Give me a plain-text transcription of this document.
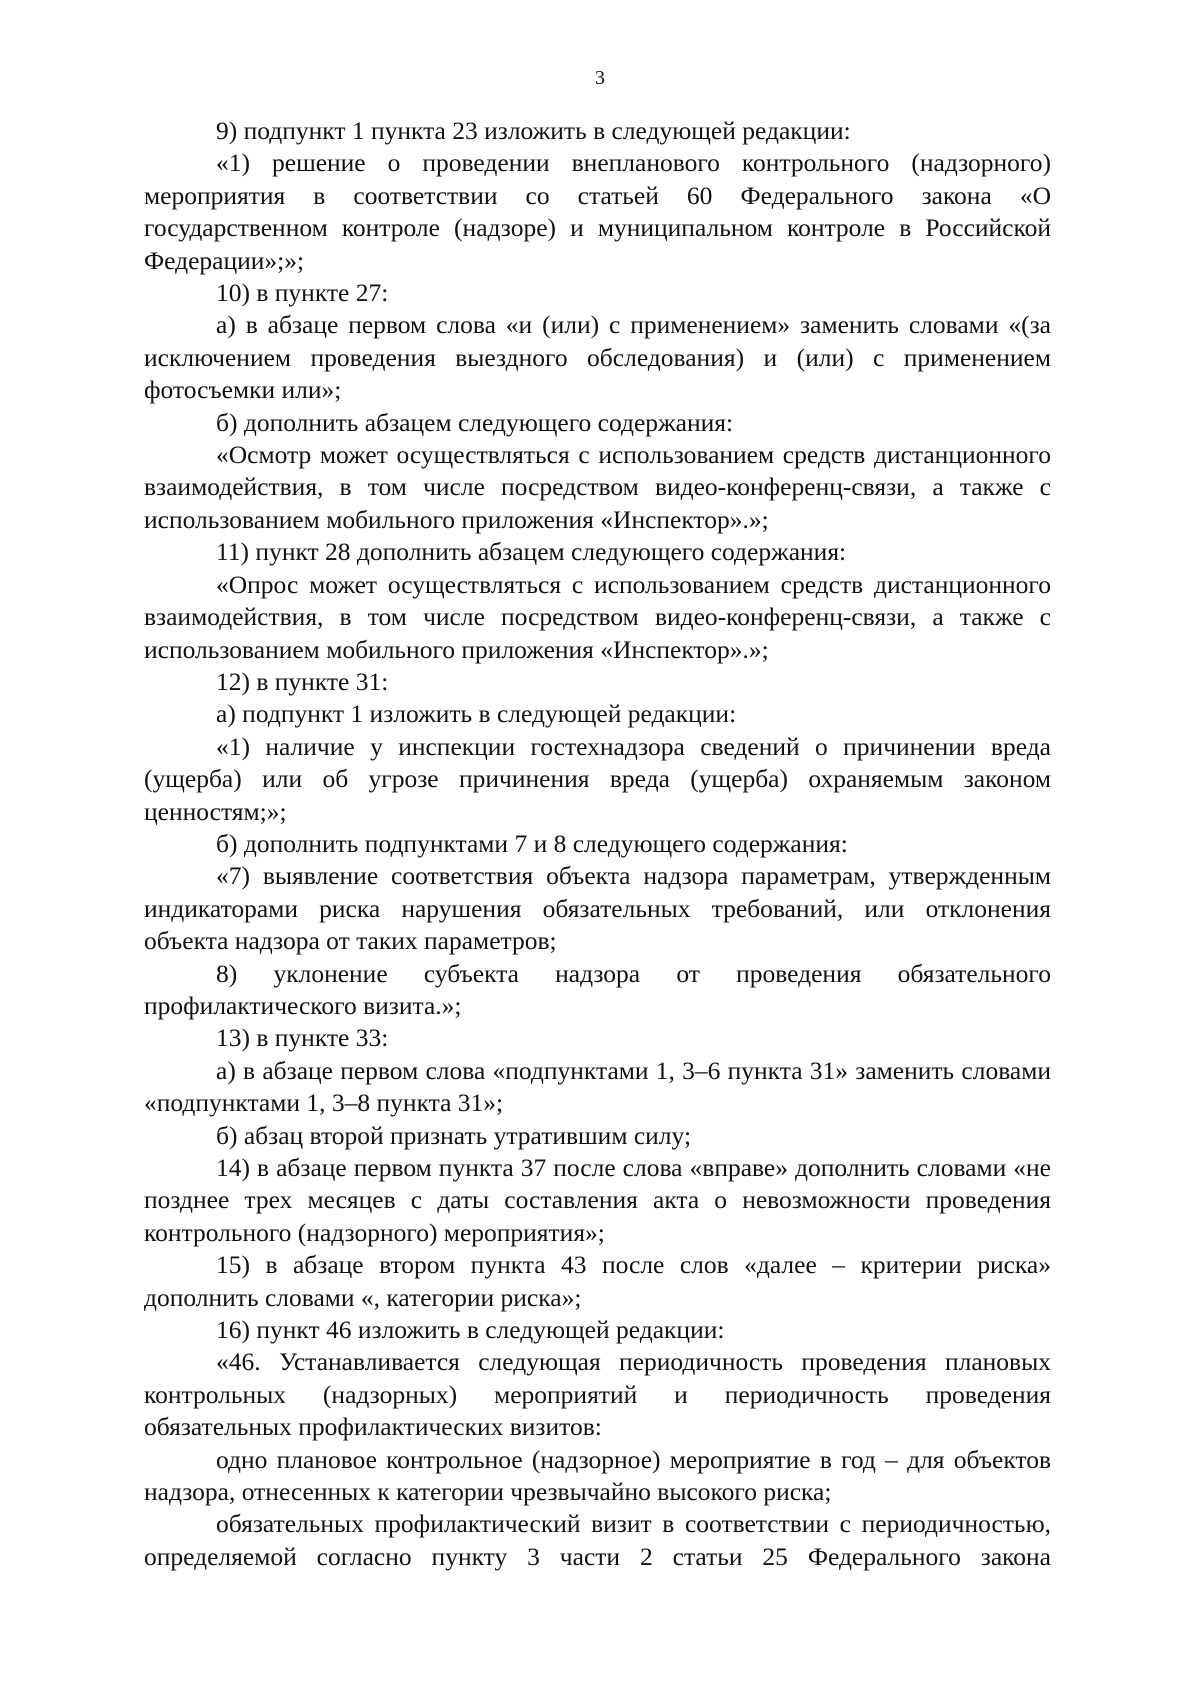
3

9) подпункт 1 пункта 23 изложить в следующей редакции:

«1) решение о проведении внепланового контрольного (надзорного) мероприятия в соответствии со статьей 60 Федерального закона «О государственном контроле (надзоре) и муниципальном контроле в Российской Федерации»;»;

10) в пункте 27:

а) в абзаце первом слова «и (или) с применением» заменить словами «(за исключением проведения выездного обследования) и (или) с применением фотосъемки или»;

б) дополнить абзацем следующего содержания:

«Осмотр может осуществляться с использованием средств дистанционного взаимодействия, в том числе посредством видео-конференц-связи, а также с использованием мобильного приложения «Инспектор».»;

11) пункт 28 дополнить абзацем следующего содержания:

«Опрос может осуществляться с использованием средств дистанционного взаимодействия, в том числе посредством видео-конференц-связи, а также с использованием мобильного приложения «Инспектор».»;

12) в пункте 31:

а) подпункт 1 изложить в следующей редакции:

«1) наличие у инспекции гостехнадзора сведений о причинении вреда (ущерба) или об угрозе причинения вреда (ущерба) охраняемым законом ценностям;»;

б) дополнить подпунктами 7 и 8 следующего содержания:

«7) выявление соответствия объекта надзора параметрам, утвержденным индикаторами риска нарушения обязательных требований, или отклонения объекта надзора от таких параметров;

8) уклонение субъекта надзора от проведения обязательного профилактического визита.»;

13) в пункте 33:

а) в абзаце первом слова «подпунктами 1, 3–6 пункта 31» заменить словами «подпунктами 1, 3–8 пункта 31»;

б) абзац второй признать утратившим силу;

14) в абзаце первом пункта 37 после слова «вправе» дополнить словами «не позднее трех месяцев с даты составления акта о невозможности проведения контрольного (надзорного) мероприятия»;

15) в абзаце втором пункта 43 после слов «далее – критерии риска» дополнить словами «, категории риска»;

16) пункт 46 изложить в следующей редакции:

«46. Устанавливается следующая периодичность проведения плановых контрольных (надзорных) мероприятий и периодичность проведения обязательных профилактических визитов:

одно плановое контрольное (надзорное) мероприятие в год – для объектов надзора, отнесенных к категории чрезвычайно высокого риска;

обязательных профилактический визит в соответствии с периодичностью, определяемой согласно пункту 3 части 2 статьи 25 Федерального закона
